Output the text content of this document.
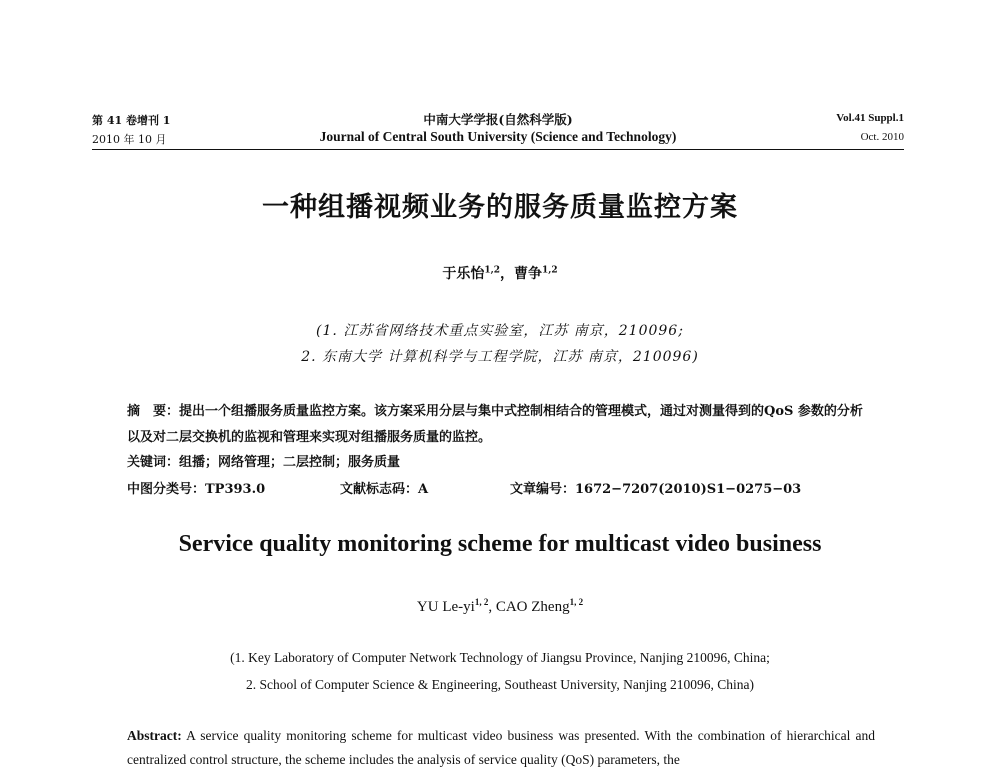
第 41 卷增刊 1
2010 年 10 月
中南大学学报(自然科学版)
Journal of Central South University (Science and Technology)
Vol.41 Suppl.1
Oct. 2010
一种组播视频业务的服务质量监控方案
于乐怡$^{1,2}$，曹争$^{1,2}$
(1. 江苏省网络技术重点实验室，江苏 南京，210096;
2. 东南大学 计算机科学与工程学院，江苏 南京，210096)
摘　要：提出一个组播服务质量监控方案。该方案采用分层与集中式控制相结合的管理模式，通过对测量得到的QoS 参数的分析以及对二层交换机的监视和管理来实现对组播服务质量的监控。
关键词：组播；网络管理；二层控制；服务质量
中图分类号：TP393.0	文献标志码：A	文章编号：1672−7207(2010)S1−0275−03
Service quality monitoring scheme for multicast video business
YU Le-yi$^{1, 2}$, CAO Zheng$^{1, 2}$
(1. Key Laboratory of Computer Network Technology of Jiangsu Province, Nanjing 210096, China;
2. School of Computer Science & Engineering, Southeast University, Nanjing 210096, China)
Abstract: A service quality monitoring scheme for multicast video business was presented. With the combination of hierarchical and centralized control structure, the scheme includes the analysis of service quality (QoS) parameters, the
